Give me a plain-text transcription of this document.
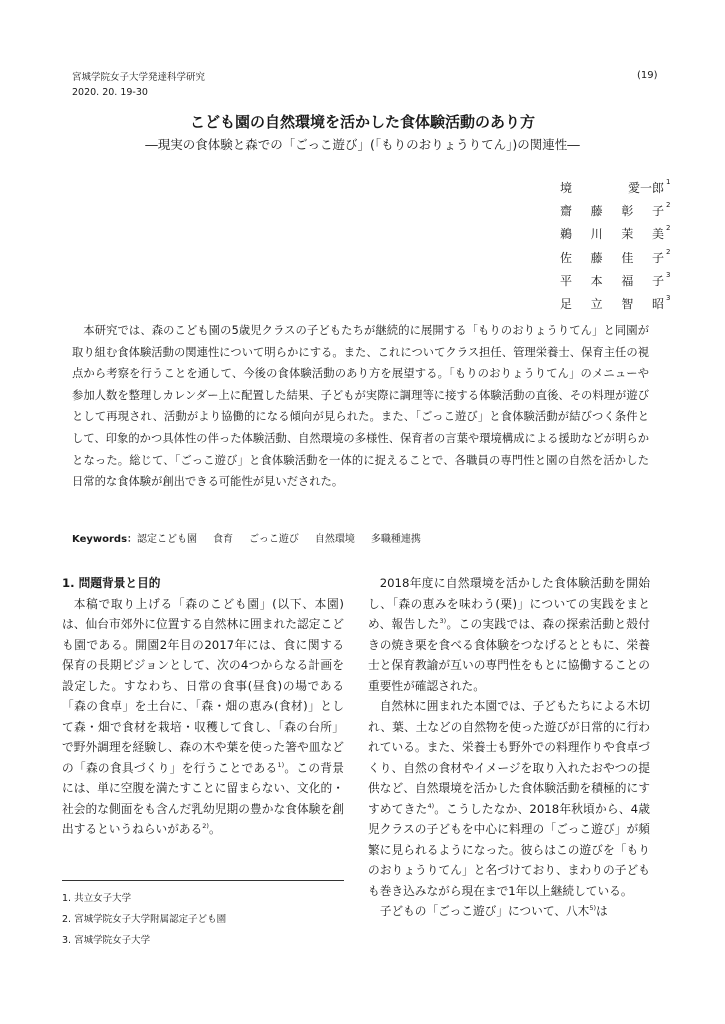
宮城学院女子大学発達科学研究
2020. 20. 19-30
(19)
こども園の自然環境を活かした食体験活動のあり方
―現実の食体験と森での「ごっこ遊び」(「もりのおりょうりてん」)の関連性―
境	愛一郎 1
齋 藤 彰 子 2
鵜 川 茉 美 2
佐 藤 佳 子 2
平 本 福 子 3
足 立 智 昭 3

本研究では、森のこども園の5歳児クラスの子どもたちが継続的に展開する「もりのおりょうりてん」と同園が取り組む食体験活動の関連性について明らかにする。また、これについてクラス担任、管理栄養士、保育主任の視点から考察を行うことを通して、今後の食体験活動のあり方を展望する。「もりのおりょうりてん」のメニューや参加人数を整理しカレンダー上に配置した結果、子どもが実際に調理等に接する体験活動の直後、その料理が遊びとして再現され、活動がより協働的になる傾向が見られた。また、「ごっこ遊び」と食体験活動が結びつく条件として、印象的かつ具体性の伴った体験活動、自然環境の多様性、保育者の言葉や環境構成による援助などが明らかとなった。総じて、「ごっこ遊び」と食体験活動を一体的に捉えることで、各職員の専門性と園の自然を活かした日常的な食体験が創出できる可能性が見いだされた。

Keywords：認定こども園 食育 ごっこ遊び 自然環境 多職種連携

1. 問題背景と目的

本稿で取り上げる「森のこども園」(以下、本園)は、仙台市郊外に位置する自然林に囲まれた認定こども園である。開園2年目の2017年には、食に関する保育の長期ビジョンとして、次の4つからなる計画を設定した。すなわち、日常の食事(昼食)の場である「森の食卓」を土台に、「森・畑の恵み(食材)」として森・畑で食材を栽培・収穫して食し、「森の台所」で野外調理を経験し、森の木や葉を使った箸や皿などの「森の食具づくり」を行うことである$^{1)}$。この背景には、単に空腹を満たすことに留まらない、文化的・社会的な側面をも含んだ乳幼児期の豊かな食体験を創出するというねらいがある$^{2)}$。

2018年度に自然環境を活かした食体験活動を開始し、「森の恵みを味わう(栗)」についての実践をまとめ、報告した$^{3)}$。この実践では、森の探索活動と殻付きの焼き栗を食べる食体験をつなげるとともに、栄養士と保育教諭が互いの専門性をもとに協働することの重要性が確認された。

自然林に囲まれた本園では、子どもたちによる木切れ、葉、土などの自然物を使った遊びが日常的に行われている。また、栄養士も野外での料理作りや食卓づくり、自然の食材やイメージを取り入れたおやつの提供など、自然環境を活かした食体験活動を積極的にすすめてきた$^{4)}$。こうしたなか、2018年秋頃から、4歳児クラスの子どもを中心に料理の「ごっこ遊び」が頻繁に見られるようになった。彼らはこの遊びを「もりのおりょうりてん」と名づけており、まわりの子どもも巻き込みながら現在まで1年以上継続している。

子どもの「ごっこ遊び」について、八木$^{5)}$は

1. 共立女子大学
2. 宮城学院女子大学附属認定子ども園
3. 宮城学院女子大学
